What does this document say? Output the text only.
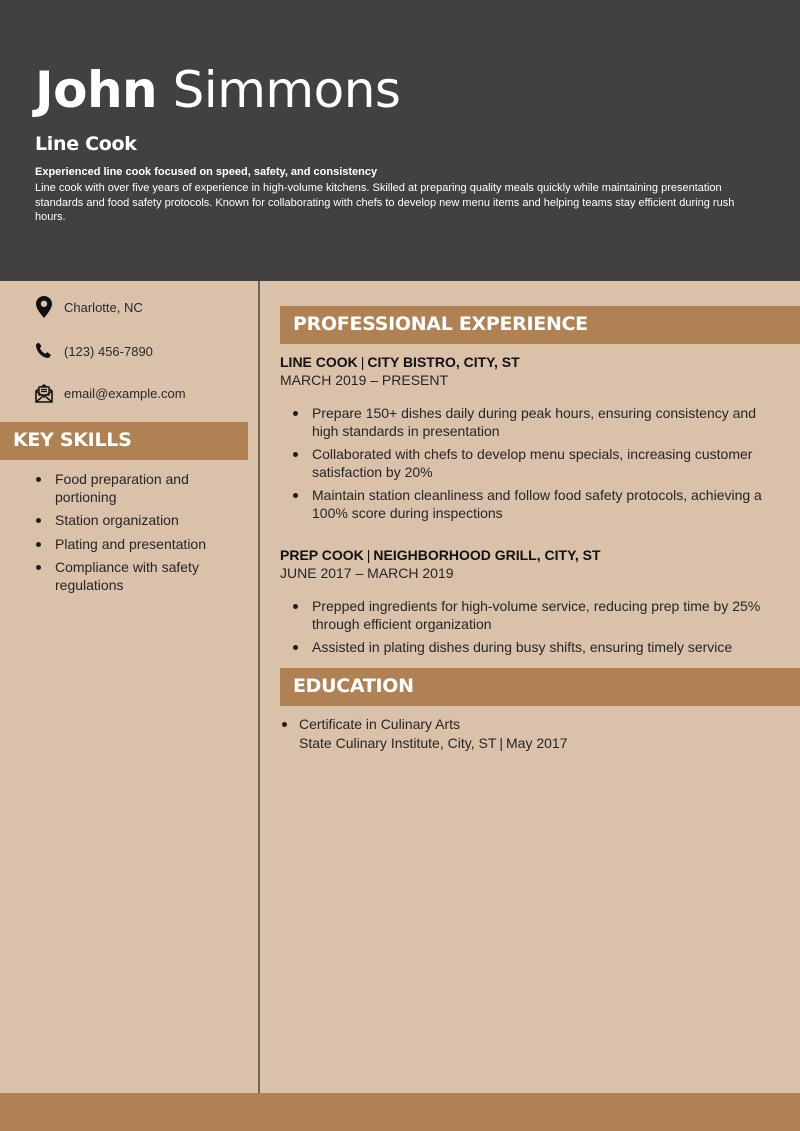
John Simmons
Line Cook
Experienced line cook focused on speed, safety, and consistency
Line cook with over five years of experience in high-volume kitchens. Skilled at preparing quality meals quickly while maintaining presentation standards and food safety protocols. Known for collaborating with chefs to develop new menu items and helping teams stay efficient during rush hours.
Charlotte, NC
(123) 456-7890
email@example.com
KEY SKILLS
Food preparation and portioning
Station organization
Plating and presentation
Compliance with safety regulations
PROFESSIONAL EXPERIENCE
LINE COOK | CITY BISTRO, CITY, ST
MARCH 2019 – PRESENT
Prepare 150+ dishes daily during peak hours, ensuring consistency and high standards in presentation
Collaborated with chefs to develop menu specials, increasing customer satisfaction by 20%
Maintain station cleanliness and follow food safety protocols, achieving a 100% score during inspections
PREP COOK | NEIGHBORHOOD GRILL, CITY, ST
JUNE 2017 – MARCH 2019
Prepped ingredients for high-volume service, reducing prep time by 25% through efficient organization
Assisted in plating dishes during busy shifts, ensuring timely service
EDUCATION
Certificate in Culinary Arts
State Culinary Institute, City, ST | May 2017
